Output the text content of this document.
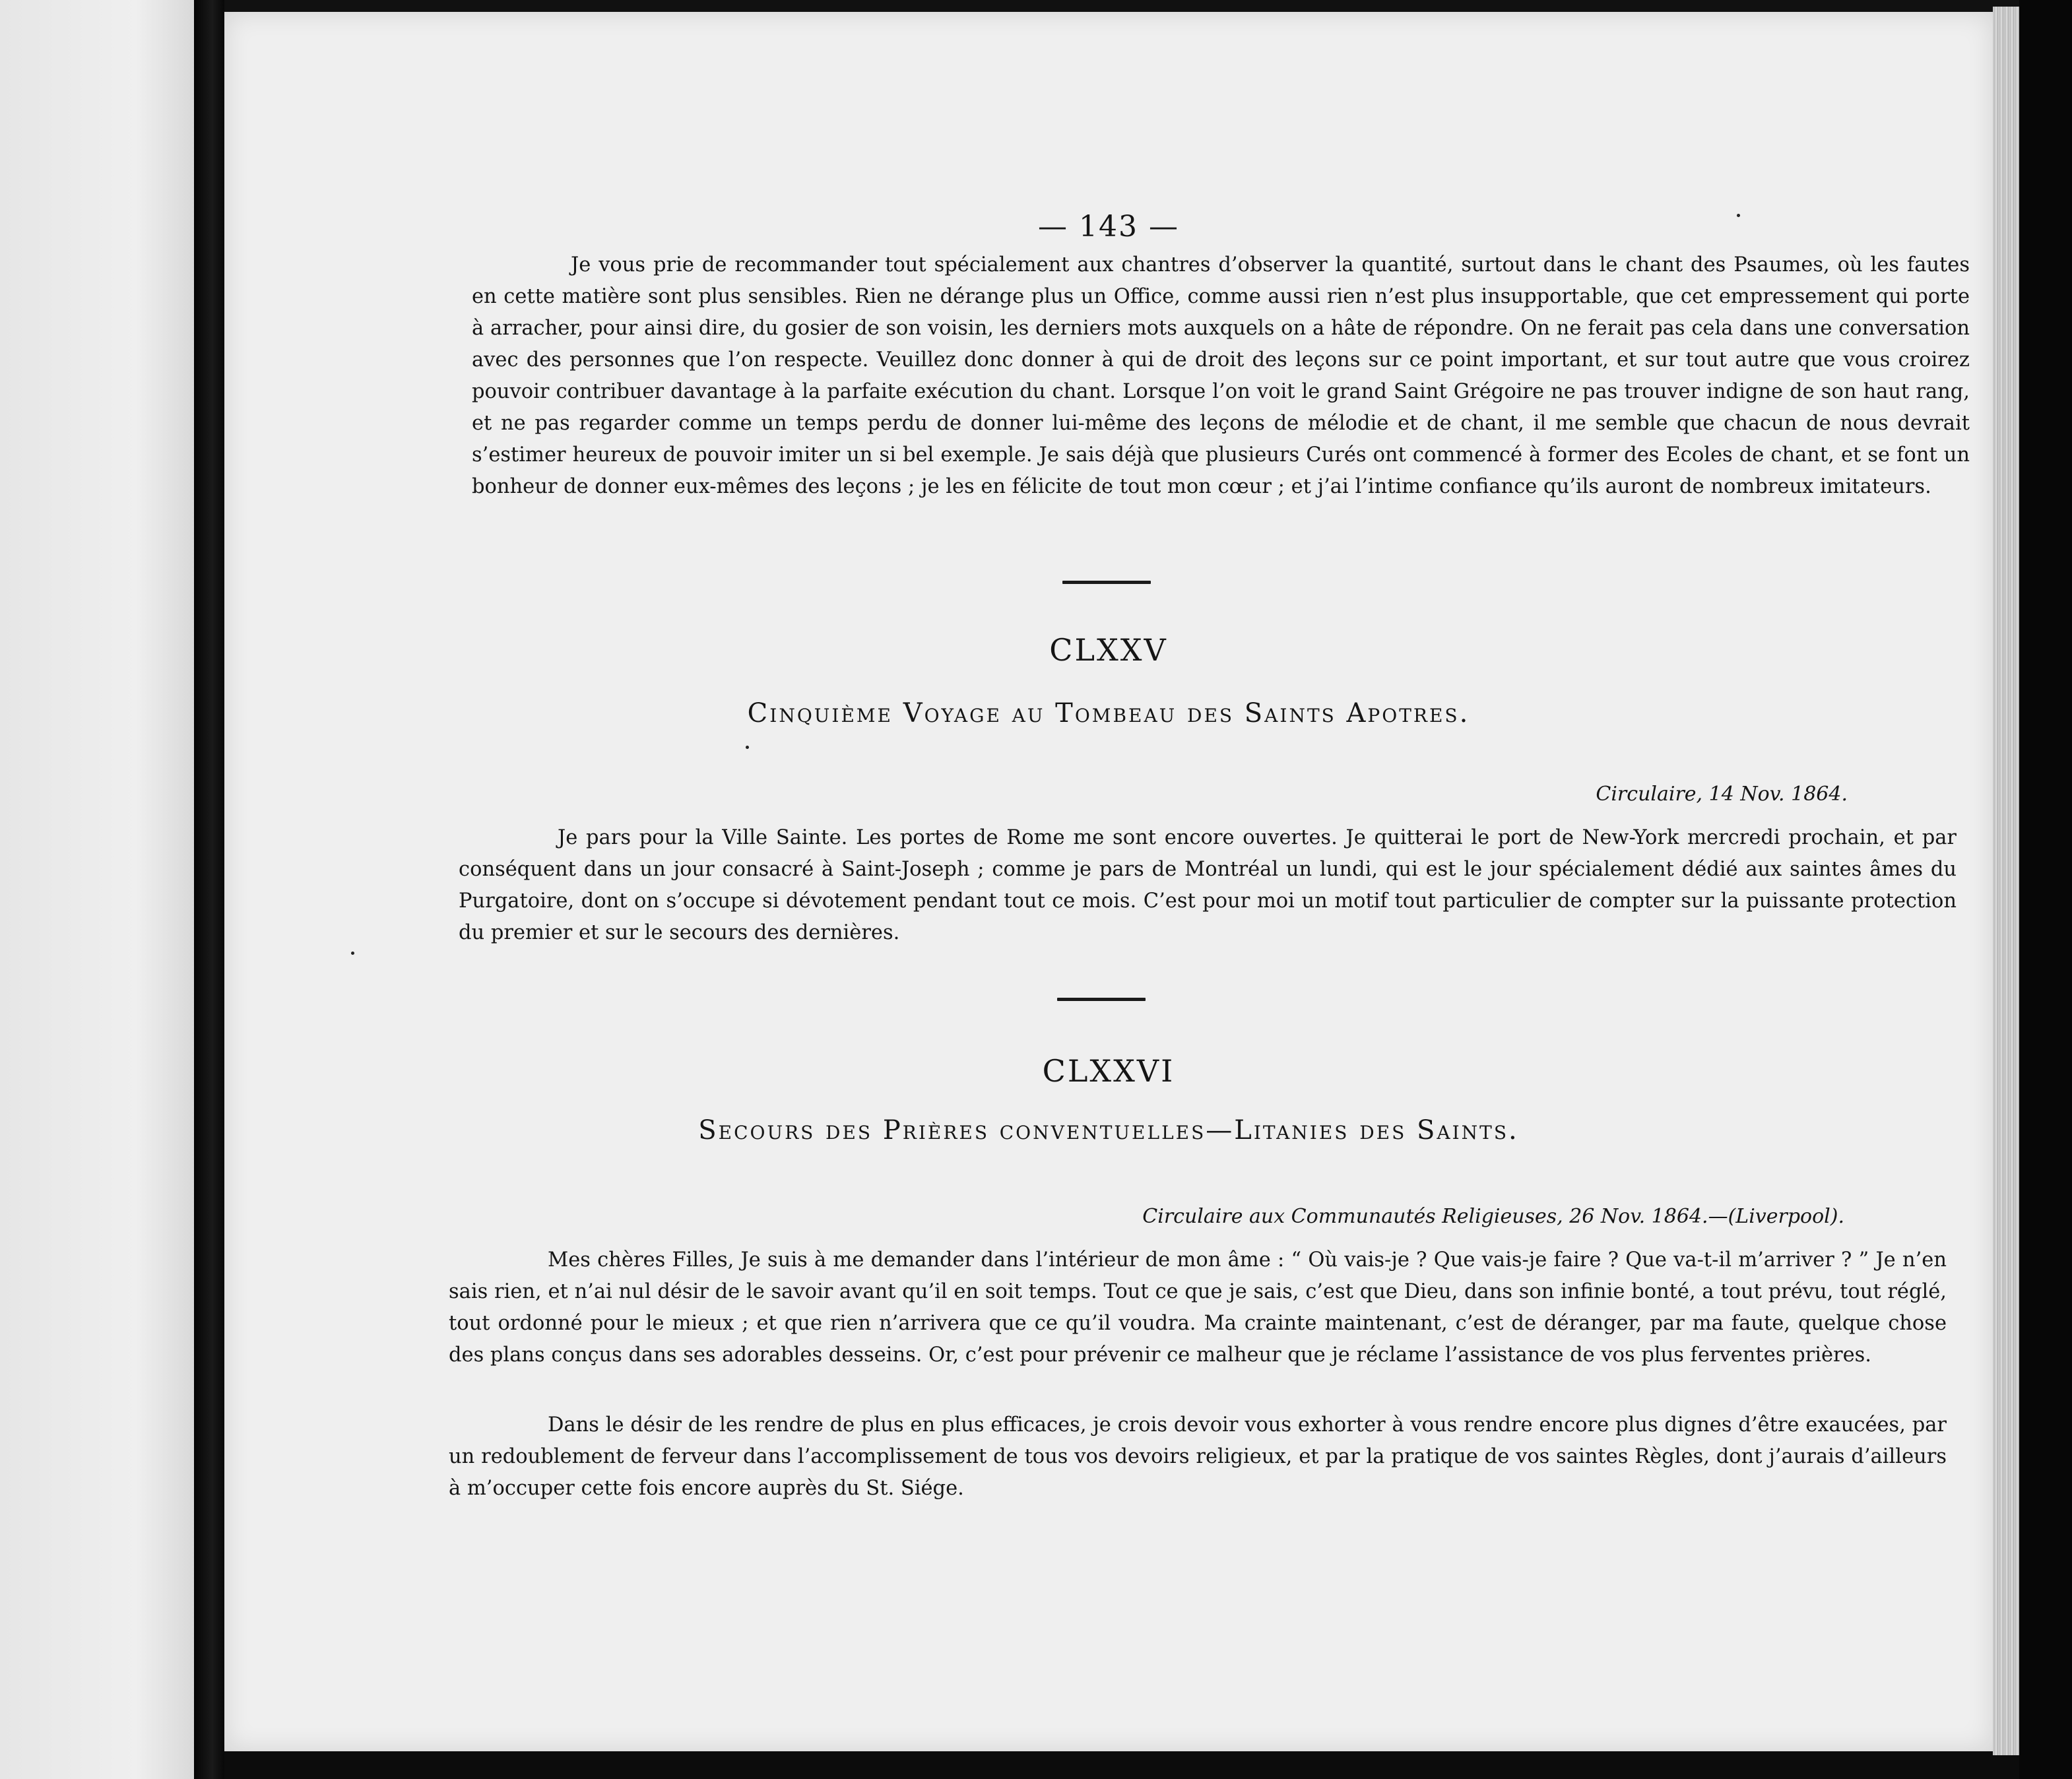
— 143 —

Je vous prie de recommander tout spécialement aux chantres d’observer la quantité, surtout dans le chant des Psaumes, où les fautes en cette matière sont plus sensibles. Rien ne dérange plus un Office, comme aussi rien n’est plus insupportable, que cet empressement qui porte à arracher, pour ainsi dire, du gosier de son voisin, les derniers mots auxquels on a hâte de répondre. On ne ferait pas cela dans une conversation avec des personnes que l’on respecte. Veuillez donc donner à qui de droit des leçons sur ce point important, et sur tout autre que vous croirez pouvoir contribuer davantage à la parfaite exécution du chant. Lorsque l’on voit le grand Saint Grégoire ne pas trouver indigne de son haut rang, et ne pas regarder comme un temps perdu de donner lui-même des leçons de mélodie et de chant, il me semble que chacun de nous devrait s’estimer heureux de pouvoir imiter un si bel exemple. Je sais déjà que plusieurs Curés ont commencé à former des Ecoles de chant, et se font un bonheur de donner eux-mêmes des leçons ; je les en félicite de tout mon cœur ; et j’ai l’intime confiance qu’ils auront de nombreux imitateurs.

CLXXV
Cinquième Voyage au Tombeau des Saints Apotres.
Circulaire, 14 Nov. 1864.

Je pars pour la Ville Sainte. Les portes de Rome me sont encore ouvertes. Je quitterai le port de New-York mercredi prochain, et par conséquent dans un jour consacré à Saint-Joseph ; comme je pars de Montréal un lundi, qui est le jour spécialement dédié aux saintes âmes du Purgatoire, dont on s’occupe si dévotement pendant tout ce mois. C’est pour moi un motif tout particulier de compter sur la puissante protection du premier et sur le secours des dernières.

CLXXVI
Secours des Prières conventuelles—Litanies des Saints.
Circulaire aux Communautés Religieuses, 26 Nov. 1864.—(Liverpool).

Mes chères Filles, Je suis à me demander dans l’intérieur de mon âme : “ Où vais-je ? Que vais-je faire ? Que va-t-il m’arriver ? ” Je n’en sais rien, et n’ai nul désir de le savoir avant qu’il en soit temps. Tout ce que je sais, c’est que Dieu, dans son infinie bonté, a tout prévu, tout réglé, tout ordonné pour le mieux ; et que rien n’arrivera que ce qu’il voudra. Ma crainte maintenant, c’est de déranger, par ma faute, quelque chose des plans conçus dans ses adorables desseins. Or, c’est pour prévenir ce malheur que je réclame l’assistance de vos plus ferventes prières.

Dans le désir de les rendre de plus en plus efficaces, je crois devoir vous exhorter à vous rendre encore plus dignes d’être exaucées, par un redoublement de ferveur dans l’accomplissement de tous vos devoirs religieux, et par la pratique de vos saintes Règles, dont j’aurais d’ailleurs à m’occuper cette fois encore auprès du St. Siége.
